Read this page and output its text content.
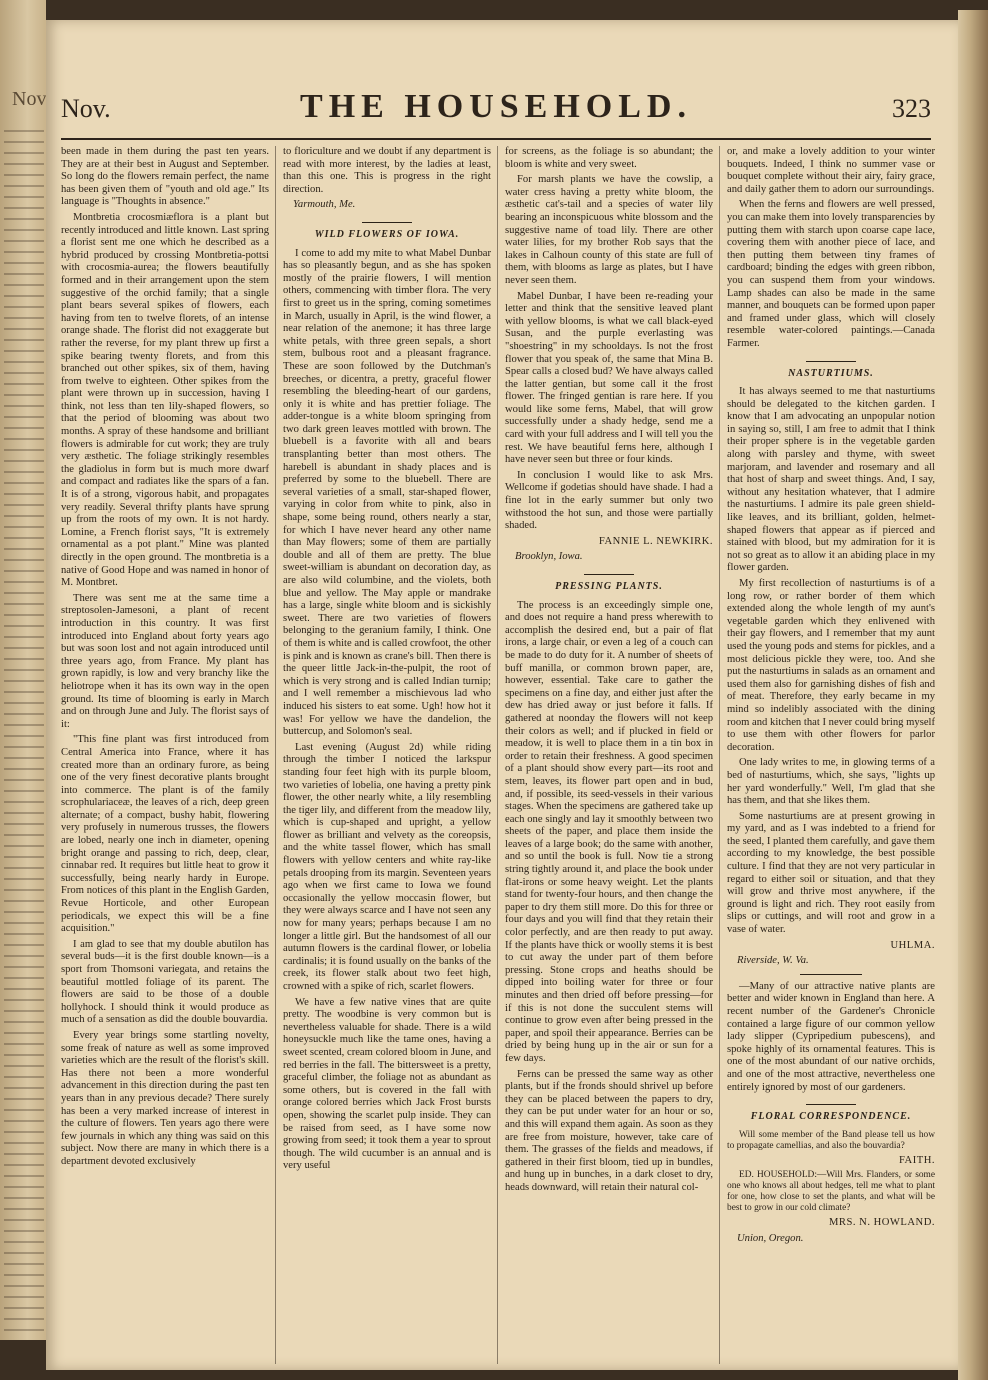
Nov Nov.	THE HOUSEHOLD.	323

been made in them during the past ten years. They are at their best in August and September. So long do the flowers remain perfect, the name has been given them of "youth and old age." Its language is "Thoughts in absence."

Montbretia crocosmiæflora is a plant but recently introduced and little known. Last spring a florist sent me one which he described as a hybrid produced by crossing Montbretia-pottsi with crocosmia-aurea; the flowers beautifully formed and in their arrangement upon the stem suggestive of the orchid family; that a single plant bears several spikes of flowers, each having from ten to twelve florets, of an intense orange shade. The florist did not exaggerate but rather the reverse, for my plant threw up first a spike bearing twenty florets, and from this branched out other spikes, six of them, having from twelve to eighteen. Other spikes from the plant were thrown up in succession, having I think, not less than ten lily-shaped flowers, so that the period of blooming was about two months. A spray of these handsome and brilliant flowers is admirable for cut work; they are truly very æsthetic. The foliage strikingly resembles the gladiolus in form but is much more dwarf and compact and radiates like the spars of a fan. It is of a strong, vigorous habit, and propagates very readily. Several thrifty plants have sprung up from the roots of my own. It is not hardy. Lomine, a French florist says, "It is extremely ornamental as a pot plant." Mine was planted directly in the open ground. The montbretia is a native of Good Hope and was named in honor of M. Montbret.

There was sent me at the same time a streptosolen-Jamesoni, a plant of recent introduction in this country. It was first introduced into England about forty years ago but was soon lost and not again introduced until three years ago, from France. My plant has grown rapidly, is low and very branchy like the heliotrope when it has its own way in the open ground. Its time of blooming is early in March and on through June and July. The florist says of it:

"This fine plant was first introduced from Central America into France, where it has created more than an ordinary furore, as being one of the very finest decorative plants brought into commerce. The plant is of the family scrophulariaceæ, the leaves of a rich, deep green alternate; of a compact, bushy habit, flowering very profusely in numerous trusses, the flowers are lobed, nearly one inch in diameter, opening bright orange and passing to rich, deep, clear, cinnabar red. It requires but little heat to grow it successfully, being nearly hardy in Europe. From notices of this plant in the English Garden, Revue Horticole, and other European periodicals, we expect this will be a fine acquisition."

I am glad to see that my double abutilon has several buds—it is the first double known—is a sport from Thomsoni variegata, and retains the beautiful mottled foliage of its parent. The flowers are said to be those of a double hollyhock. I should think it would produce as much of a sensation as did the double bouvardia.

Every year brings some startling novelty, some freak of nature as well as some improved varieties which are the result of the florist's skill. Has there not been a more wonderful advancement in this direction during the past ten years than in any previous decade? There surely has been a very marked increase of interest in the culture of flowers. Ten years ago there were few journals in which any thing was said on this subject. Now there are many in which there is a department devoted exclusively

to floriculture and we doubt if any department is read with more interest, by the ladies at least, than this one. This is progress in the right direction.

Yarmouth, Me.

WILD FLOWERS OF IOWA.

I come to add my mite to what Mabel Dunbar has so pleasantly begun, and as she has spoken mostly of the prairie flowers, I will mention others, commencing with timber flora. The very first to greet us in the spring, coming sometimes in March, usually in April, is the wind flower, a near relation of the anemone; it has three large white petals, with three green sepals, a short stem, bulbous root and a pleasant fragrance. These are soon followed by the Dutchman's breeches, or dicentra, a pretty, graceful flower resembling the bleeding-heart of our gardens, only it is white and has prettier foliage. The adder-tongue is a white bloom springing from two dark green leaves mottled with brown. The bluebell is a favorite with all and bears transplanting better than most others. The harebell is abundant in shady places and is preferred by some to the bluebell. There are several varieties of a small, star-shaped flower, varying in color from white to pink, also in shape, some being round, others nearly a star, for which I have never heard any other name than May flowers; some of them are partially double and all of them are pretty. The blue sweet-william is abundant on decoration day, as are also wild columbine, and the violets, both blue and yellow. The May apple or mandrake has a large, single white bloom and is sickishly sweet. There are two varieties of flowers belonging to the geranium family, I think. One of them is white and is called crowfoot, the other is pink and is known as crane's bill. Then there is the queer little Jack-in-the-pulpit, the root of which is very strong and is called Indian turnip; and I well remember a mischievous lad who induced his sisters to eat some. Ugh! how hot it was! For yellow we have the dandelion, the buttercup, and Solomon's seal.

Last evening (August 2d) while riding through the timber I noticed the larkspur standing four feet high with its purple bloom, two varieties of lobelia, one having a pretty pink flower, the other nearly white, a lily resembling the tiger lily, and different from the meadow lily, which is cup-shaped and upright, a yellow flower as brilliant and velvety as the coreopsis, and the white tassel flower, which has small flowers with yellow centers and white ray-like petals drooping from its margin. Seventeen years ago when we first came to Iowa we found occasionally the yellow moccasin flower, but they were always scarce and I have not seen any now for many years; perhaps because I am no longer a little girl. But the handsomest of all our autumn flowers is the cardinal flower, or lobelia cardinalis; it is found usually on the banks of the creek, its flower stalk about two feet high, crowned with a spike of rich, scarlet flowers.

We have a few native vines that are quite pretty. The woodbine is very common but is nevertheless valuable for shade. There is a wild honeysuckle much like the tame ones, having a sweet scented, cream colored bloom in June, and red berries in the fall. The bittersweet is a pretty, graceful climber, the foliage not as abundant as some others, but is covered in the fall with orange colored berries which Jack Frost bursts open, showing the scarlet pulp inside. They can be raised from seed, as I have some now growing from seed; it took them a year to sprout though. The wild cucumber is an annual and is very useful

for screens, as the foliage is so abundant; the bloom is white and very sweet.

For marsh plants we have the cowslip, a water cress having a pretty white bloom, the æsthetic cat's-tail and a species of water lily bearing an inconspicuous white blossom and the suggestive name of toad lily. There are other water lilies, for my brother Rob says that the lakes in Calhoun county of this state are full of them, with blooms as large as plates, but I have never seen them.

Mabel Dunbar, I have been re-reading your letter and think that the sensitive leaved plant with yellow blooms, is what we call black-eyed Susan, and the purple everlasting was "shoestring" in my schooldays. Is not the frost flower that you speak of, the same that Mina B. Spear calls a closed bud? We have always called the latter gentian, but some call it the frost flower. The fringed gentian is rare here. If you would like some ferns, Mabel, that will grow successfully under a shady hedge, send me a card with your full address and I will tell you the rest. We have beautiful ferns here, although I have never seen but three or four kinds.

In conclusion I would like to ask Mrs. Wellcome if godetias should have shade. I had a fine lot in the early summer but only two withstood the hot sun, and those were partially shaded.

FANNIE L. NEWKIRK.

Brooklyn, Iowa.

PRESSING PLANTS.

The process is an exceedingly simple one, and does not require a hand press wherewith to accomplish the desired end, but a pair of flat irons, a large chair, or even a leg of a couch can be made to do duty for it. A number of sheets of buff manilla, or common brown paper, are, however, essential. Take care to gather the specimens on a fine day, and either just after the dew has dried away or just before it falls. If gathered at noonday the flowers will not keep their colors as well; and if plucked in field or meadow, it is well to place them in a tin box in order to retain their freshness. A good specimen of a plant should show every part—its root and stem, leaves, its flower part open and in bud, and, if possible, its seed-vessels in their various stages. When the specimens are gathered take up each one singly and lay it smoothly between two sheets of the paper, and place them inside the leaves of a large book; do the same with another, and so until the book is full. Now tie a strong string tightly around it, and place the book under flat-irons or some heavy weight. Let the plants stand for twenty-four hours, and then change the paper to dry them still more. Do this for three or four days and you will find that they retain their color perfectly, and are then ready to put away. If the plants have thick or woolly stems it is best to cut away the under part of them before pressing. Stone crops and heaths should be dipped into boiling water for three or four minutes and then dried off before pressing—for if this is not done the succulent stems will continue to grow even after being pressed in the paper, and spoil their appearance. Berries can be dried by being hung up in the air or sun for a few days.

Ferns can be pressed the same way as other plants, but if the fronds should shrivel up before they can be placed between the papers to dry, they can be put under water for an hour or so, and this will expand them again. As soon as they are free from moisture, however, take care of them. The grasses of the fields and meadows, if gathered in their first bloom, tied up in bundles, and hung up in bunches, in a dark closet to dry, heads downward, will retain their natural col-

or, and make a lovely addition to your winter bouquets. Indeed, I think no summer vase or bouquet complete without their airy, fairy grace, and daily gather them to adorn our surroundings.

When the ferns and flowers are well pressed, you can make them into lovely transparencies by putting them with starch upon coarse cape lace, covering them with another piece of lace, and then putting them between tiny frames of cardboard; binding the edges with green ribbon, you can suspend them from your windows. Lamp shades can also be made in the same manner, and bouquets can be formed upon paper and framed under glass, which will closely resemble water-colored paintings.—Canada Farmer.

NASTURTIUMS.

It has always seemed to me that nasturtiums should be delegated to the kitchen garden. I know that I am advocating an unpopular notion in saying so, still, I am free to admit that I think their proper sphere is in the vegetable garden along with parsley and thyme, with sweet marjoram, and lavender and rosemary and all that host of sharp and sweet things. And, I say, without any hesitation whatever, that I admire the nasturtiums. I admire its pale green shield-like leaves, and its brilliant, golden, helmet-shaped flowers that appear as if pierced and stained with blood, but my admiration for it is not so great as to allow it an abiding place in my flower garden.

My first recollection of nasturtiums is of a long row, or rather border of them which extended along the whole length of my aunt's vegetable garden which they enlivened with their gay flowers, and I remember that my aunt used the young pods and stems for pickles, and a most delicious pickle they were, too. And she put the nasturtiums in salads as an ornament and used them also for garnishing dishes of fish and of meat. Therefore, they early became in my mind so indelibly associated with the dining room and kitchen that I never could bring myself to use them with other flowers for parlor decoration.

One lady writes to me, in glowing terms of a bed of nasturtiums, which, she says, "lights up her yard wonderfully." Well, I'm glad that she has them, and that she likes them.

Some nasturtiums are at present growing in my yard, and as I was indebted to a friend for the seed, I planted them carefully, and gave them according to my knowledge, the best possible culture. I find that they are not very particular in regard to either soil or situation, and that they will grow and thrive most anywhere, if the ground is light and rich. They root easily from slips or cuttings, and will root and grow in a vase of water.

UHLMA.

Riverside, W. Va.

—Many of our attractive native plants are better and wider known in England than here. A recent number of the Gardener's Chronicle contained a large figure of our common yellow lady slipper (Cypripedium pubescens), and spoke highly of its ornamental features. This is one of the most abundant of our native orchids, and one of the most attractive, nevertheless one entirely ignored by most of our gardeners.

FLORAL CORRESPONDENCE.

Will some member of the Band please tell us how to propagate camellias, and also the bouvardia?

FAITH.

ED. HOUSEHOLD:—Will Mrs. Flanders, or some one who knows all about hedges, tell me what to plant for one, how close to set the plants, and what will be best to grow in our cold climate?

MRS. N. HOWLAND.

Union, Oregon.
